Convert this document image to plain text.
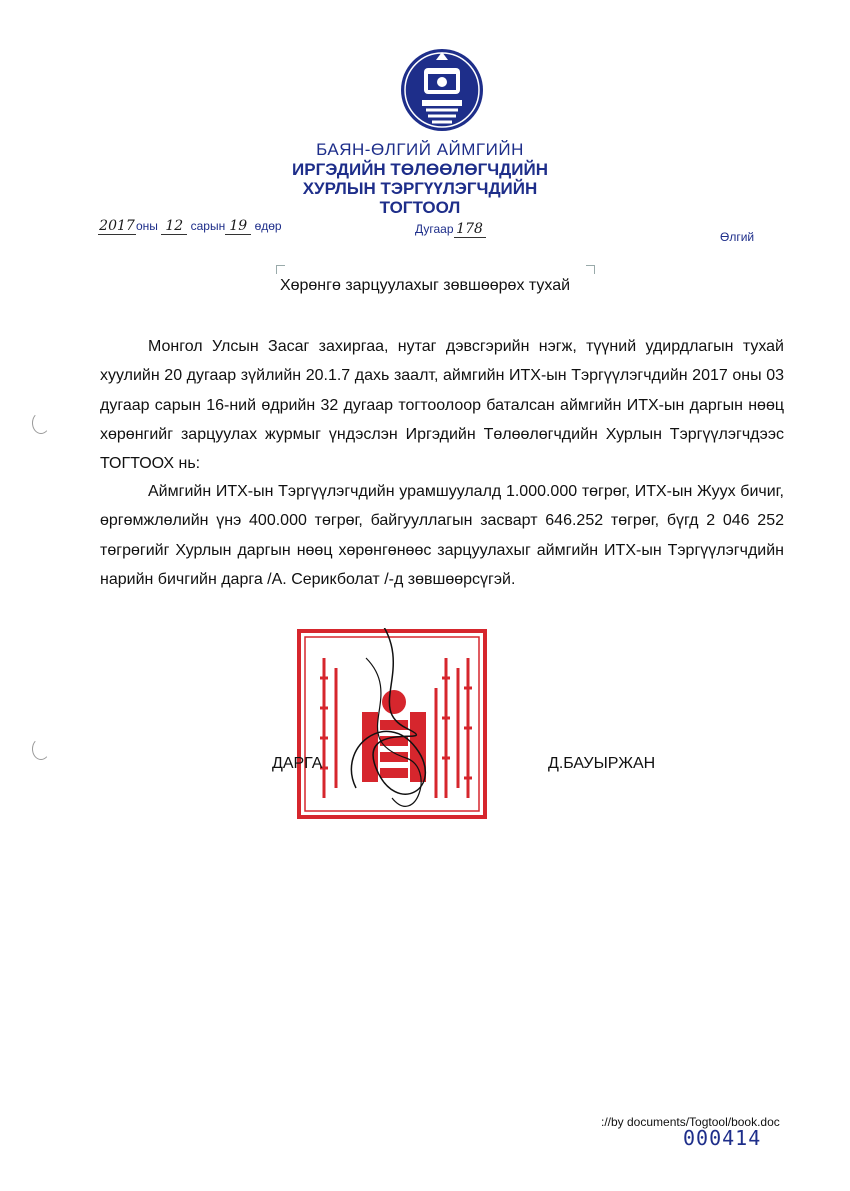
БАЯН-ӨЛГИЙ АЙМГИЙН
ИРГЭДИЙН ТӨЛӨӨЛӨГЧДИЙН
ХУРЛЫН ТЭРГҮҮЛЭГЧДИЙН
ТОГТООЛ
2017оны 12 сарын 19 өдөр	Дугаар 178	Өлгий
Хөрөнгө зарцуулахыг зөвшөөрөх тухай
Монгол Улсын Засаг захиргаа, нутаг дэвсгэрийн нэгж, түүний удирдлагын тухай хуулийн 20 дугаар зүйлийн 20.1.7 дахь заалт, аймгийн ИТХ-ын Тэргүүлэгчдийн 2017 оны 03 дугаар сарын 16-ний өдрийн 32 дугаар тогтоолоор баталсан аймгийн ИТХ-ын даргын нөөц хөрөнгийг зарцуулах журмыг үндэслэн Иргэдийн Төлөөлөгчдийн Хурлын Тэргүүлэгчдээс ТОГТООХ нь:
Аймгийн ИТХ-ын Тэргүүлэгчдийн урамшуулалд 1.000.000 төгрөг, ИТХ-ын Жуух бичиг, өргөмжлөлийн үнэ 400.000 төгрөг, байгууллагын засварт 646.252 төгрөг, бүгд 2 046 252 төгрөгийг Хурлын даргын нөөц хөрөнгөнөөс зарцуулахыг аймгийн ИТХ-ын Тэргүүлэгчдийн нарийн бичгийн дарга /А. Серикболат /-д зөвшөөрсүгэй.
ДАРГА	Д.БАУЫРЖАН
://by documents/Togtool/book.doc
000414
